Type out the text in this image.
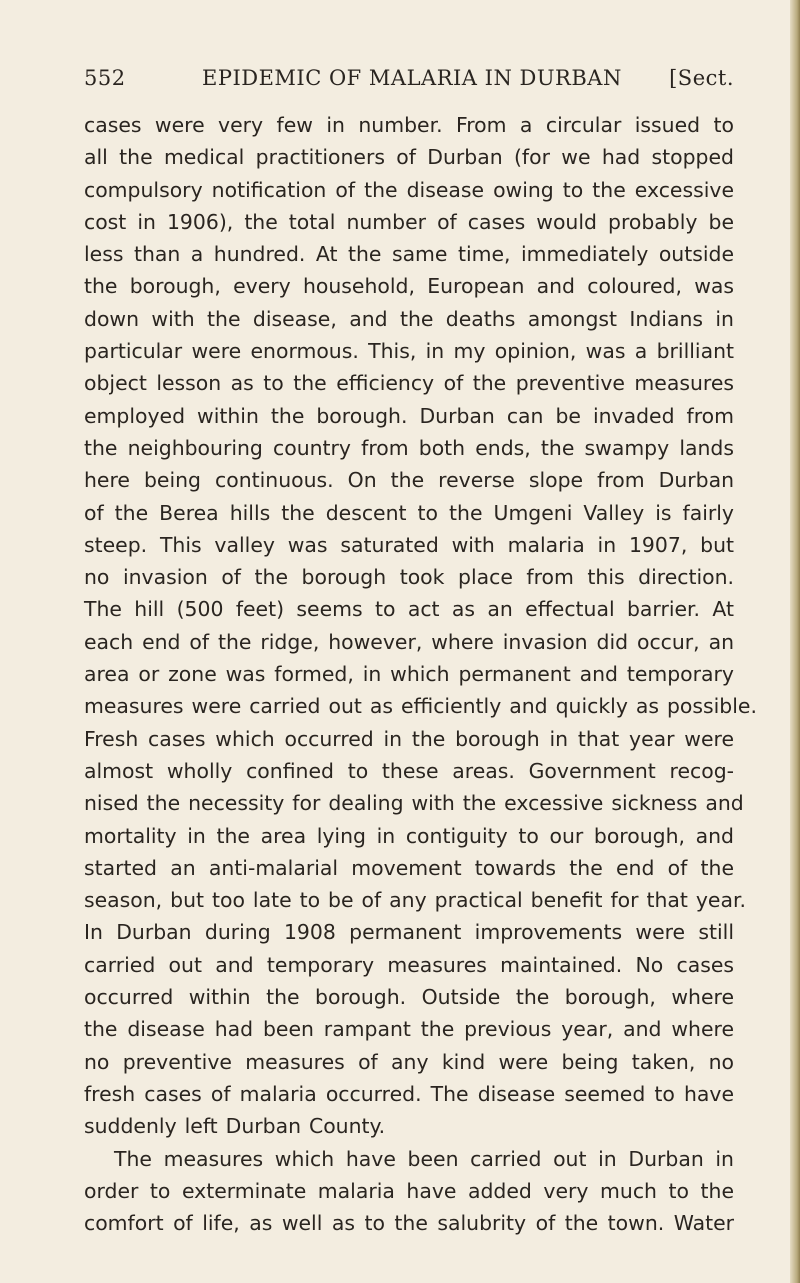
552	EPIDEMIC OF MALARIA IN DURBAN [Sect.
cases were very few in number. From a circular issued to
all the medical practitioners of Durban (for we had stopped
compulsory notification of the disease owing to the excessive
cost in 1906), the total number of cases would probably be
less than a hundred. At the same time, immediately outside
the borough, every household, European and coloured, was
down with the disease, and the deaths amongst Indians in
particular were enormous. This, in my opinion, was a brilliant
object lesson as to the efficiency of the preventive measures
employed within the borough. Durban can be invaded from
the neighbouring country from both ends, the swampy lands
here being continuous. On the reverse slope from Durban
of the Berea hills the descent to the Umgeni Valley is fairly
steep. This valley was saturated with malaria in 1907, but
no invasion of the borough took place from this direction.
The hill (500 feet) seems to act as an effectual barrier. At
each end of the ridge, however, where invasion did occur, an
area or zone was formed, in which permanent and temporary
measures were carried out as efficiently and quickly as possible.
Fresh cases which occurred in the borough in that year were
almost wholly confined to these areas. Government recog-
nised the necessity for dealing with the excessive sickness and
mortality in the area lying in contiguity to our borough, and
started an anti-malarial movement towards the end of the
season, but too late to be of any practical benefit for that year.
In Durban during 1908 permanent improvements were still
carried out and temporary measures maintained. No cases
occurred within the borough. Outside the borough, where
the disease had been rampant the previous year, and where
no preventive measures of any kind were being taken, no
fresh cases of malaria occurred. The disease seemed to have
suddenly left Durban County.
The measures which have been carried out in Durban in
order to exterminate malaria have added very much to the
comfort of life, as well as to the salubrity of the town. Water
